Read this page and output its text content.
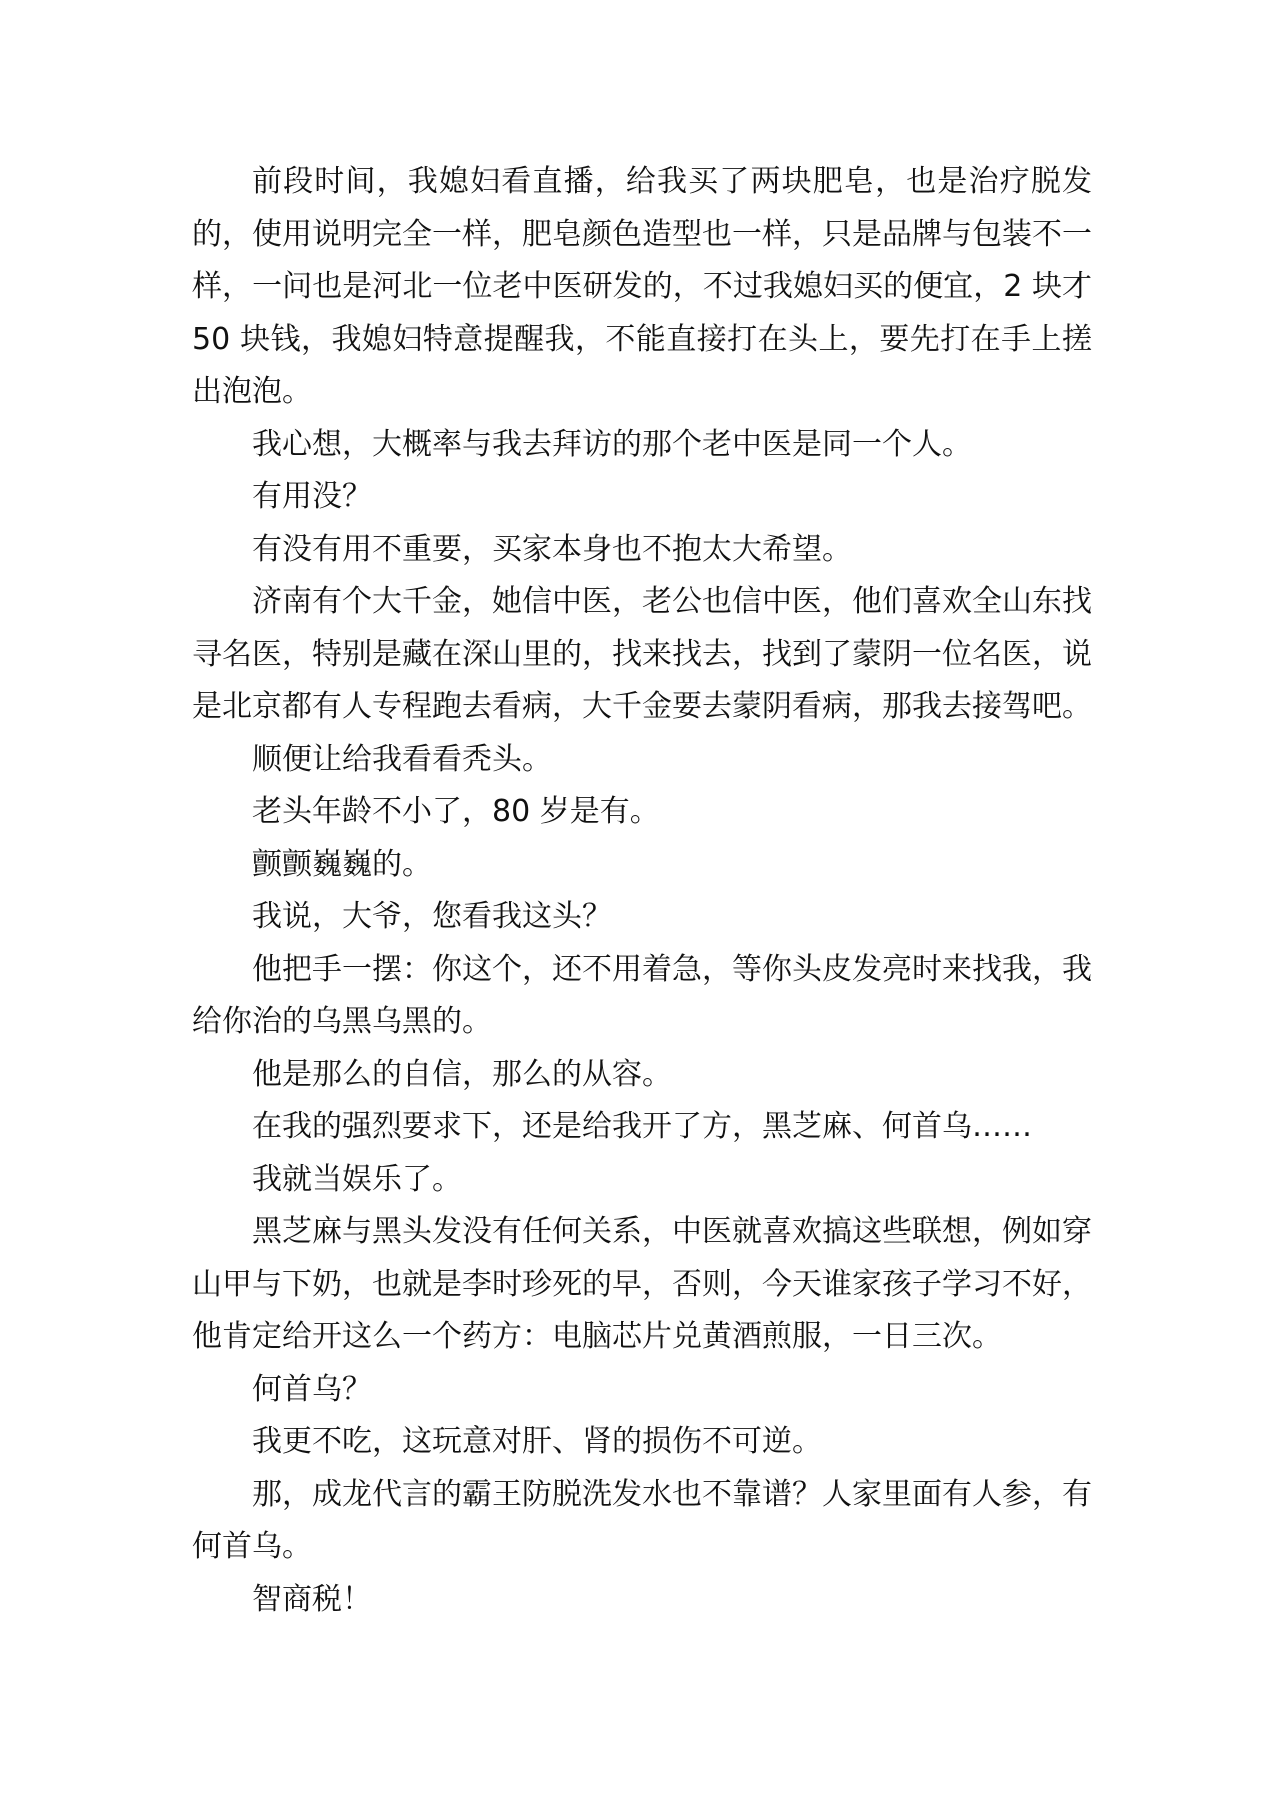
前段时间，我媳妇看直播，给我买了两块肥皂，也是治疗脱发的，使用说明完全一样，肥皂颜色造型也一样，只是品牌与包装不一样，一问也是河北一位老中医研发的，不过我媳妇买的便宜，2 块才 50 块钱，我媳妇特意提醒我，不能直接打在头上，要先打在手上搓出泡泡。

我心想，大概率与我去拜访的那个老中医是同一个人。

有用没？

有没有用不重要，买家本身也不抱太大希望。

济南有个大千金，她信中医，老公也信中医，他们喜欢全山东找寻名医，特别是藏在深山里的，找来找去，找到了蒙阴一位名医，说是北京都有人专程跑去看病，大千金要去蒙阴看病，那我去接驾吧。

顺便让给我看看秃头。

老头年龄不小了，80 岁是有。

颤颤巍巍的。

我说，大爷，您看我这头？

他把手一摆：你这个，还不用着急，等你头皮发亮时来找我，我给你治的乌黑乌黑的。

他是那么的自信，那么的从容。

在我的强烈要求下，还是给我开了方，黑芝麻、何首乌……

我就当娱乐了。

黑芝麻与黑头发没有任何关系，中医就喜欢搞这些联想，例如穿山甲与下奶，也就是李时珍死的早，否则，今天谁家孩子学习不好，他肯定给开这么一个药方：电脑芯片兑黄酒煎服，一日三次。

何首乌？

我更不吃，这玩意对肝、肾的损伤不可逆。

那，成龙代言的霸王防脱洗发水也不靠谱？人家里面有人参，有何首乌。

智商税！
